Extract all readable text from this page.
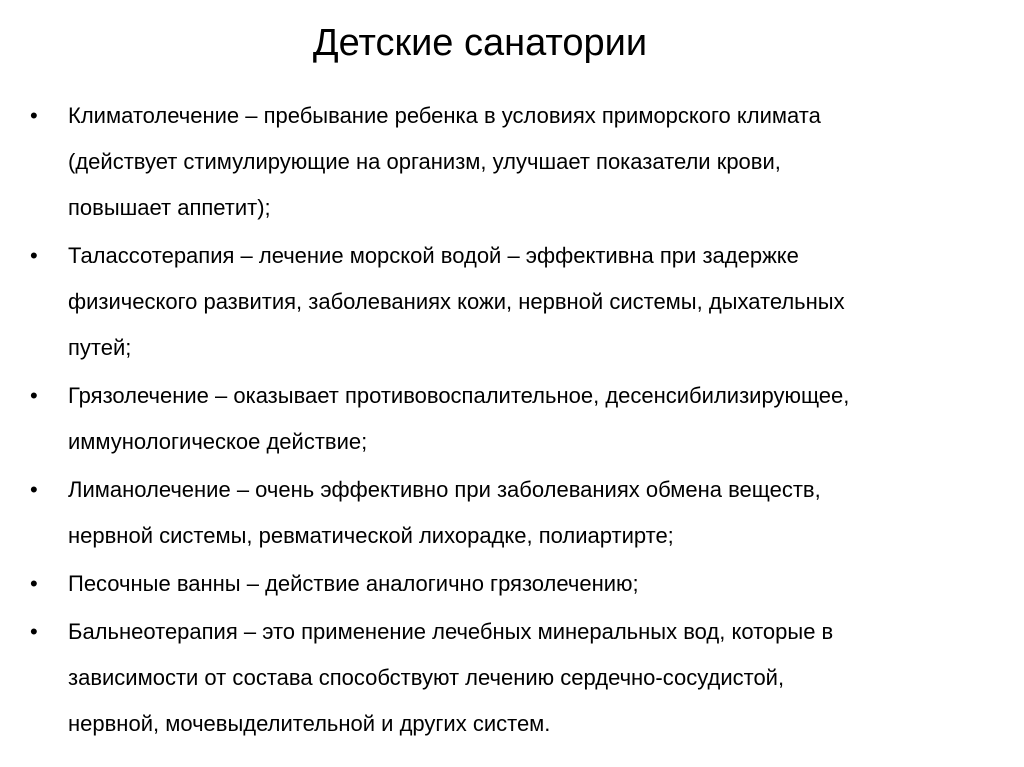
Детские санатории
• Климатолечение – пребывание ребенка в условиях приморского климата
(действует стимулирующие на организм, улучшает показатели крови,
повышает аппетит);
• Талассотерапия – лечение морской водой – эффективна при задержке
физического развития, заболеваниях кожи, нервной системы, дыхательных
путей;
• Грязолечение – оказывает противовоспалительное, десенсибилизирующее,
иммунологическое действие;
• Лиманолечение – очень эффективно при заболеваниях обмена веществ,
нервной системы, ревматической лихорадке, полиартирте;
• Песочные ванны – действие аналогично грязолечению;
• Бальнеотерапия – это применение лечебных минеральных вод, которые в
зависимости от состава способствуют лечению сердечно-сосудистой,
нервной, мочевыделительной и других систем.
